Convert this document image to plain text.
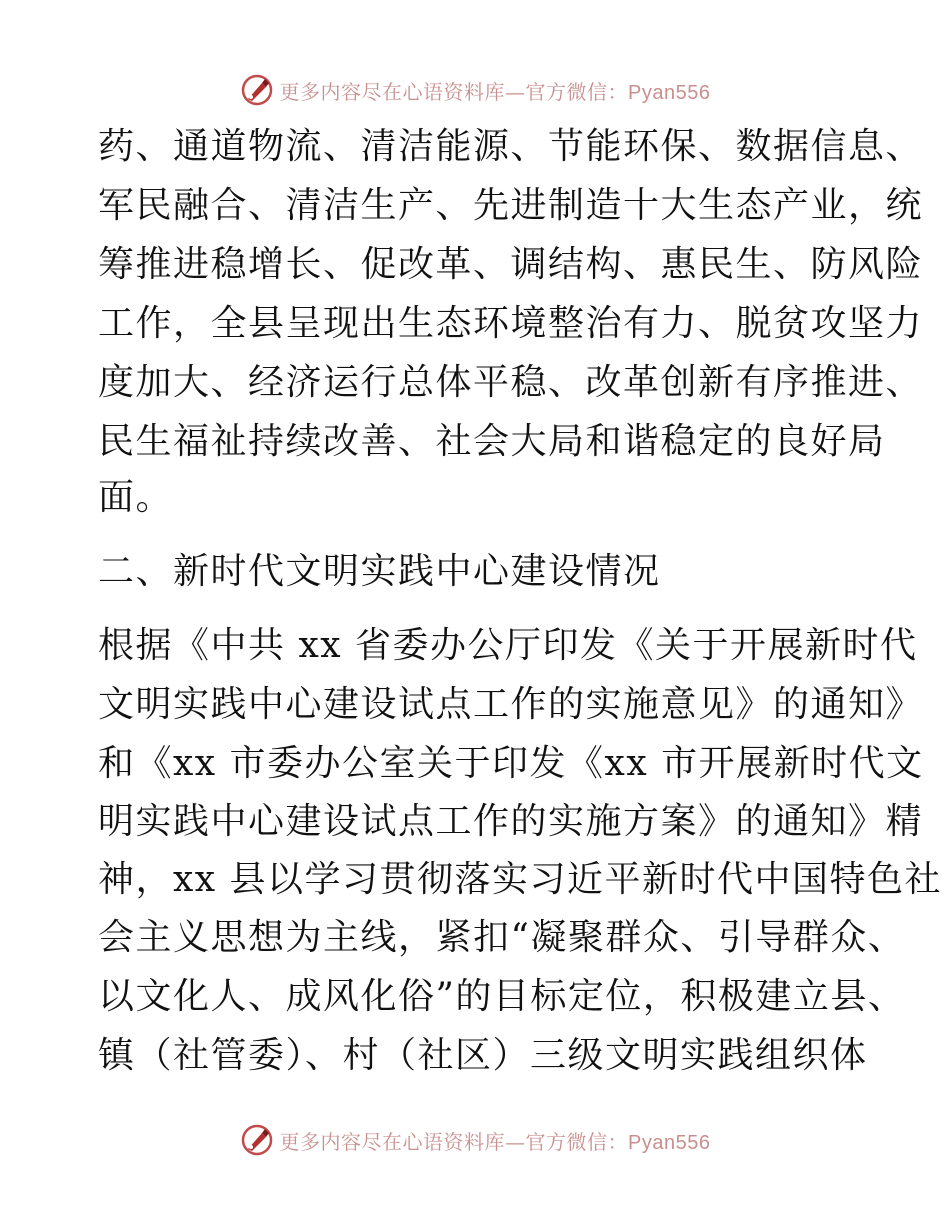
更多内容尽在心语资料库—官方微信：Pyan556
药、通道物流、清洁能源、节能环保、数据信息、
军民融合、清洁生产、先进制造十大生态产业，统
筹推进稳增长、促改革、调结构、惠民生、防风险
工作，全县呈现出生态环境整治有力、脱贫攻坚力
度加大、经济运行总体平稳、改革创新有序推进、
民生福祉持续改善、社会大局和谐稳定的良好局
面。
二、新时代文明实践中心建设情况
根据《中共 xx 省委办公厅印发《关于开展新时代
文明实践中心建设试点工作的实施意见》的通知》
和《xx 市委办公室关于印发《xx 市开展新时代文
明实践中心建设试点工作的实施方案》的通知》精
神，xx 县以学习贯彻落实习近平新时代中国特色社
会主义思想为主线，紧扣“凝聚群众、引导群众、
以文化人、成风化俗”的目标定位，积极建立县、
镇（社管委）、村（社区）三级文明实践组织体
更多内容尽在心语资料库—官方微信：Pyan556
